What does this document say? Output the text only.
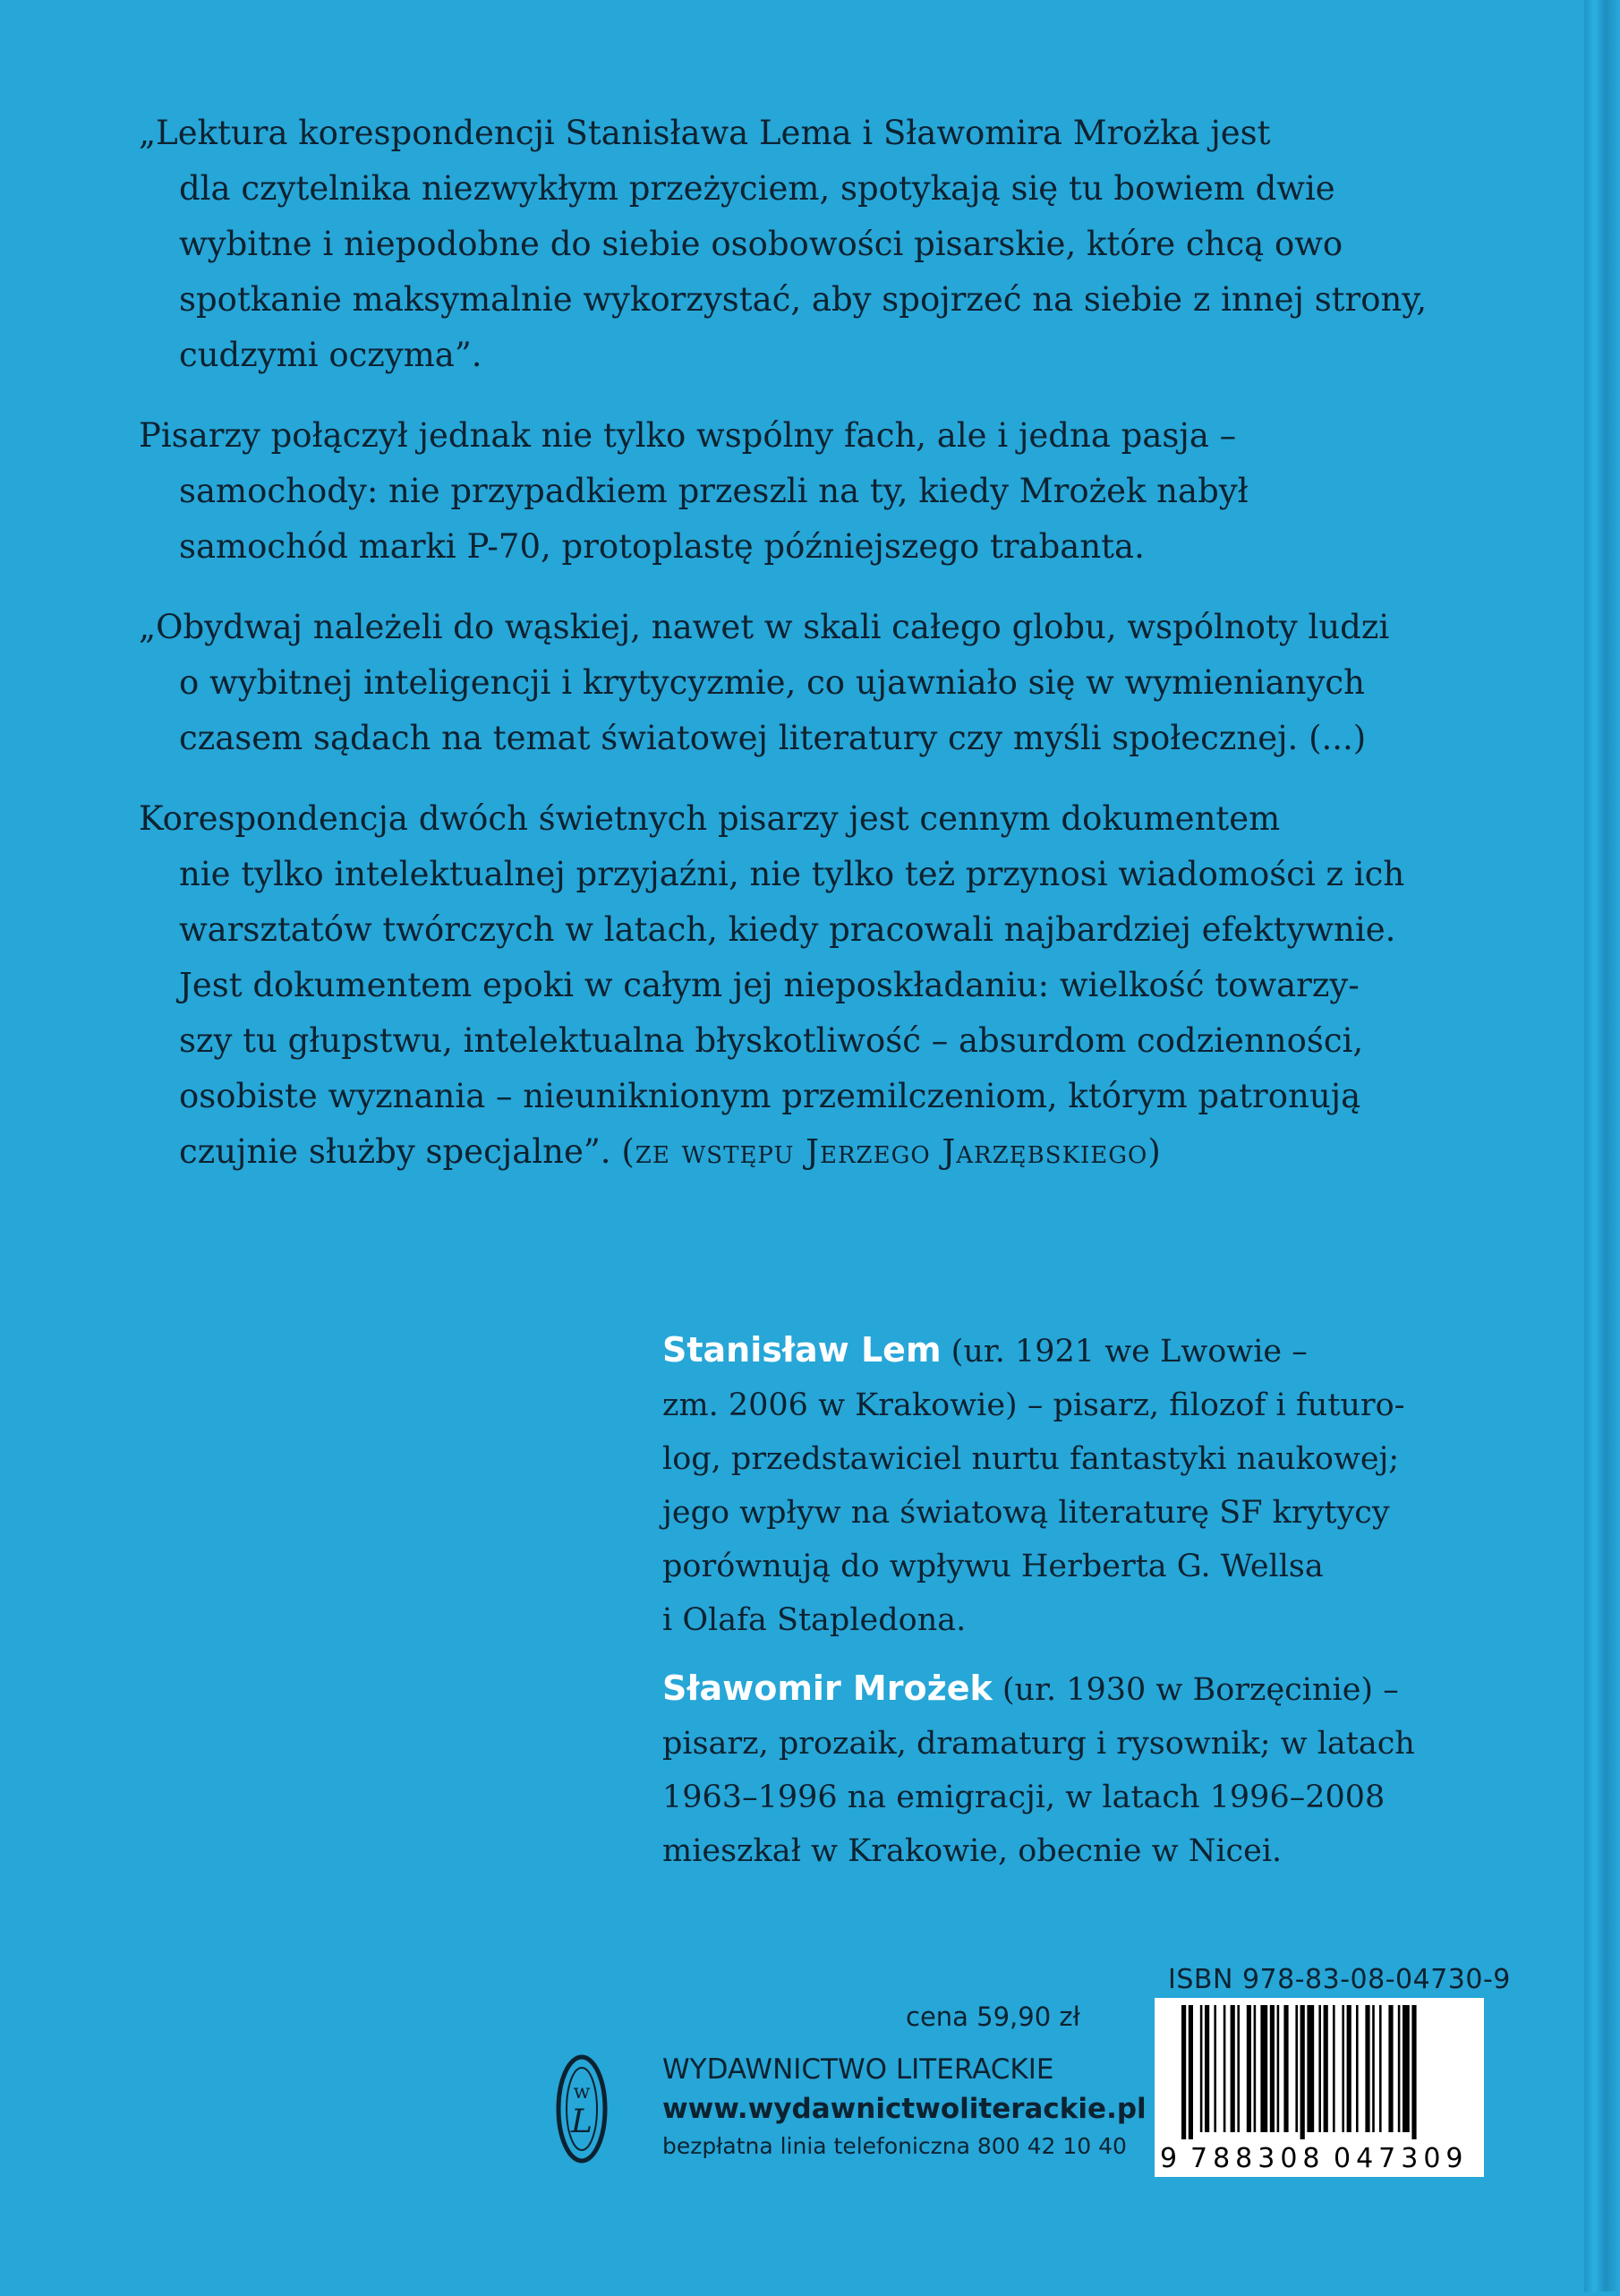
„Lektura korespondencji Stanisława Lema i Sławomira Mrożka jest
dla czytelnika niezwykłym przeżyciem, spotykają się tu bowiem dwie
wybitne i niepodobne do siebie osobowości pisarskie, które chcą owo
spotkanie maksymalnie wykorzystać, aby spojrzeć na siebie z innej strony,
cudzymi oczyma”.
Pisarzy połączył jednak nie tylko wspólny fach, ale i jedna pasja –
samochody: nie przypadkiem przeszli na ty, kiedy Mrożek nabył
samochód marki P-70, protoplastę późniejszego trabanta.
„Obydwaj należeli do wąskiej, nawet w skali całego globu, wspólnoty ludzi
o wybitnej inteligencji i krytycyzmie, co ujawniało się w wymienianych
czasem sądach na temat światowej literatury czy myśli społecznej. (...)
Korespondencja dwóch świetnych pisarzy jest cennym dokumentem
nie tylko intelektualnej przyjaźni, nie tylko też przynosi wiadomości z ich
warsztatów twórczych w latach, kiedy pracowali najbardziej efektywnie.
Jest dokumentem epoki w całym jej nieposkładaniu: wielkość towarzy-
szy tu głupstwu, intelektualna błyskotliwość – absurdom codzienności,
osobiste wyznania – nieuniknionym przemilczeniom, którym patronują
czujnie służby specjalne”. (ze wstępu Jerzego Jarzębskiego)
Stanisław Lem (ur. 1921 we Lwowie –
zm. 2006 w Krakowie) – pisarz, filozof i futuro-
log, przedstawiciel nurtu fantastyki naukowej;
jego wpływ na światową literaturę SF krytycy
porównują do wpływu Herberta G. Wellsa
i Olafa Stapledona.
Sławomir Mrożek (ur. 1930 w Borzęcinie) –
pisarz, prozaik, dramaturg i rysownik; w latach
1963–1996 na emigracji, w latach 1996–2008
mieszkał w Krakowie, obecnie w Nicei.
cena 59,90 zł
w
L
WYDAWNICTWO LITERACKIE
www.wydawnictwoliterackie.pl
bezpłatna linia telefoniczna 800 42 10 40
ISBN 978-83-08-04730-9

9

788308

047309
